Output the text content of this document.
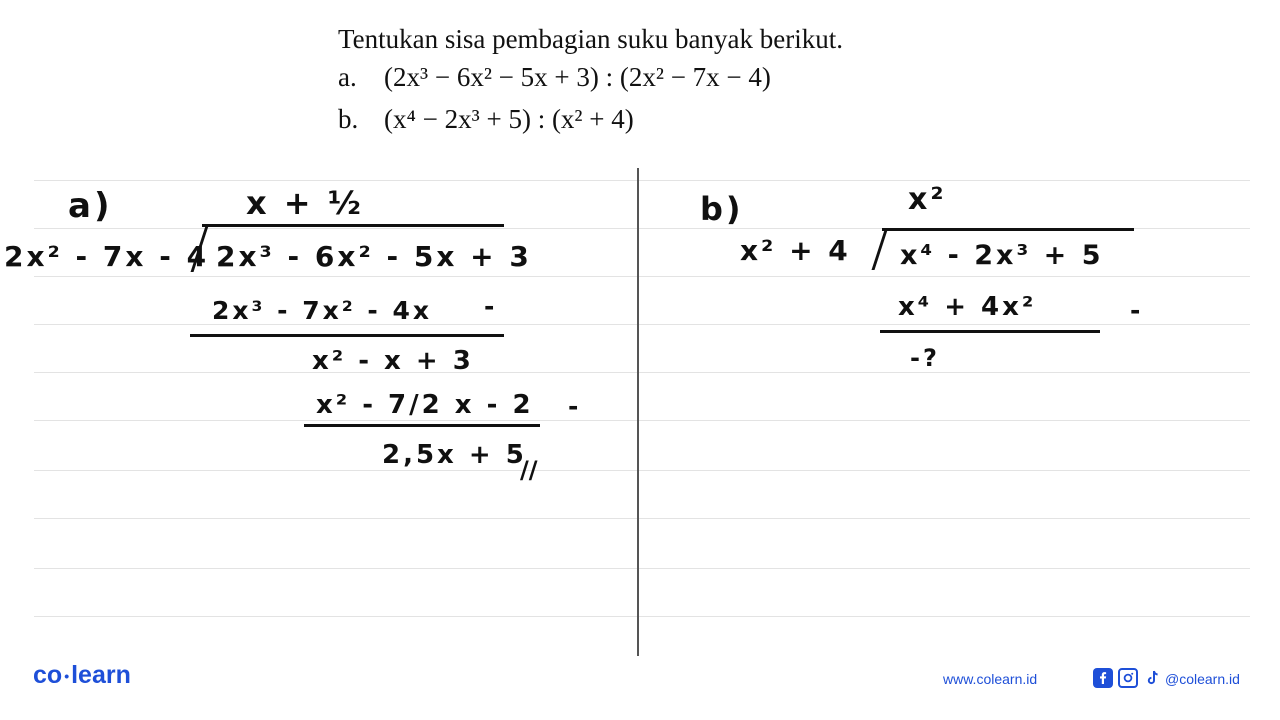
Tentukan sisa pembagian suku banyak berikut.
a.	(2x³ − 6x² − 5x + 3) : (2x² − 7x − 4)
b. (x⁴ − 2x³ + 5) : (x² + 4)
a)	x + ½
2x² - 7x - 4 2x³ - 6x² - 5x + 3
2x³ - 7x² - 4x -
x² - x + 3
x² - 7/2 x - 2 -
2,5x + 5
//
b)	x²
x² + 4 x⁴ - 2x³ + 5
x⁴ + 4x²	-
-?
co •learn	www.colearn.id	@colearn.id
